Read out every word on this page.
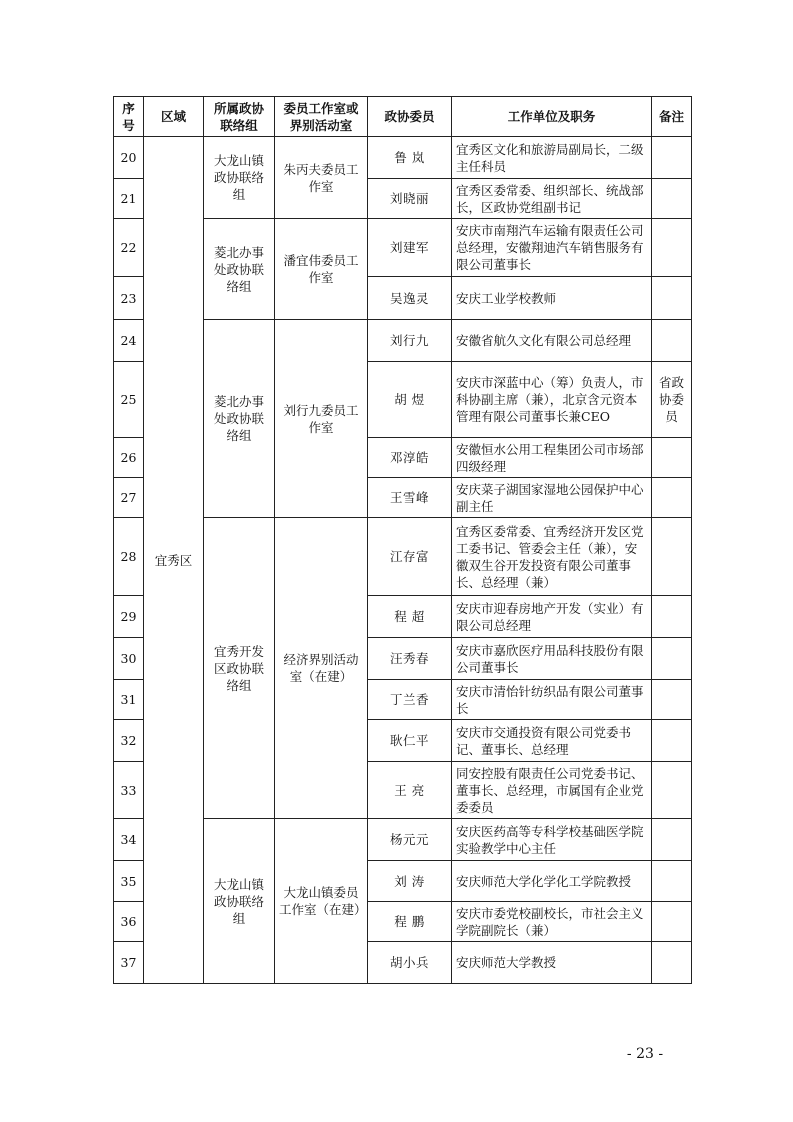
序号	区域	所属政协联络组	委员工作室或界别活动室	政协委员	工作单位及职务	备注
20	宜秀区	大龙山镇政协联络组	朱丙夫委员工作室	鲁 岚	宜秀区文化和旅游局副局长，二级主任科员	
21				刘晓丽	宜秀区委常委、组织部长、统战部长，区政协党组副书记	
22		菱北办事处政协联络组	潘宜伟委员工作室	刘建军	安庆市南翔汽车运输有限责任公司总经理，安徽翔迪汽车销售服务有限公司董事长	
23				吴逸灵	安庆工业学校教师	
24		菱北办事处政协联络组	刘行九委员工作室	刘行九	安徽省航久文化有限公司总经理	
25				胡 煜	安庆市深蓝中心（筹）负责人，市科协副主席（兼），北京含元资本管理有限公司董事长兼CEO	省政协委员
26				邓淳皓	安徽恒水公用工程集团公司市场部四级经理	
27				王雪峰	安庆菜子湖国家湿地公园保护中心副主任	
28		宜秀开发区政协联络组	经济界别活动室（在建）	江存富	宜秀区委常委、宜秀经济开发区党工委书记、管委会主任（兼），安徽双生谷开发投资有限公司董事长、总经理（兼）	
29				程 超	安庆市迎春房地产开发（实业）有限公司总经理	
30				汪秀春	安庆市嘉欣医疗用品科技股份有限公司董事长	
31				丁兰香	安庆市清怡针纺织品有限公司董事长	
32				耿仁平	安庆市交通投资有限公司党委书记、董事长、总经理	
33				王 亮	同安控股有限责任公司党委书记、董事长、总经理，市属国有企业党委委员	
34		大龙山镇政协联络组	大龙山镇委员工作室（在建）	杨元元	安庆医药高等专科学校基础医学院实验教学中心主任	
35				刘 涛	安庆师范大学化学化工学院教授	
36				程 鹏	安庆市委党校副校长，市社会主义学院副院长（兼）	
37				胡小兵	安庆师范大学教授	
- 23 -
